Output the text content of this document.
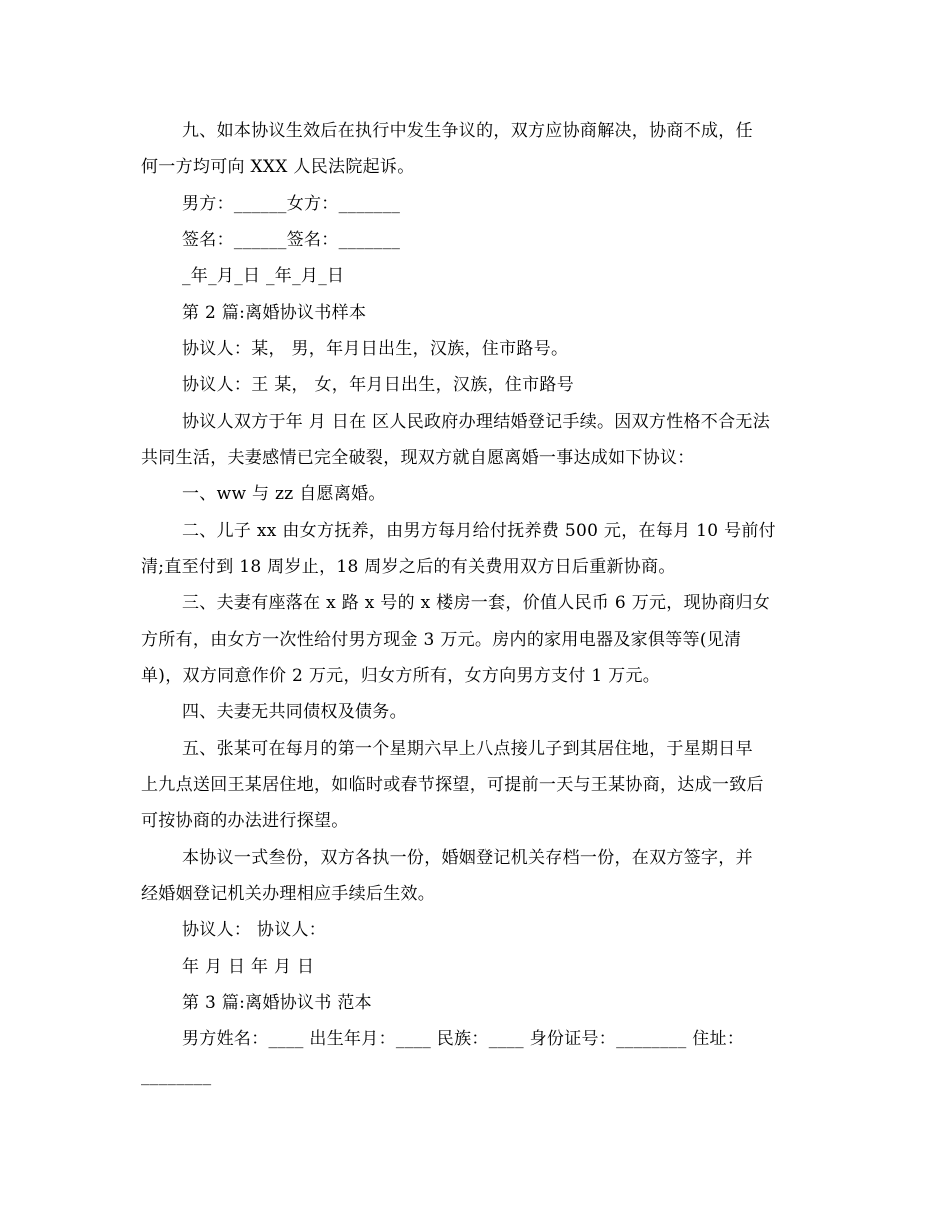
九、如本协议生效后在执行中发生争议的，双方应协商解决，协商不成，任
何一方均可向 XXX 人民法院起诉。
男方：______女方：_______
签名：______签名：_______
_年_月_日 _年_月_日
第 2 篇:离婚协议书样本
协议人：某， 男，年月日出生，汉族，住市路号。
协议人：王 某， 女，年月日出生，汉族，住市路号
协议人双方于年 月 日在 区人民政府办理结婚登记手续。因双方性格不合无法
共同生活，夫妻感情已完全破裂，现双方就自愿离婚一事达成如下协议：
一、ww 与 zz 自愿离婚。
二、儿子 xx 由女方抚养，由男方每月给付抚养费 500 元，在每月 10 号前付
清;直至付到 18 周岁止，18 周岁之后的有关费用双方日后重新协商。
三、夫妻有座落在 x 路 x 号的 x 楼房一套，价值人民币 6 万元，现协商归女
方所有，由女方一次性给付男方现金 3 万元。房内的家用电器及家俱等等(见清
单)，双方同意作价 2 万元，归女方所有，女方向男方支付 1 万元。
四、夫妻无共同债权及债务。
五、张某可在每月的第一个星期六早上八点接儿子到其居住地，于星期日早
上九点送回王某居住地，如临时或春节探望，可提前一天与王某协商，达成一致后
可按协商的办法进行探望。
本协议一式叁份，双方各执一份，婚姻登记机关存档一份，在双方签字，并
经婚姻登记机关办理相应手续后生效。
协议人： 协议人：
年 月 日 年 月 日
第 3 篇:离婚协议书 范本
男方姓名：____ 出生年月：____ 民族：____ 身份证号：________ 住址：
________
